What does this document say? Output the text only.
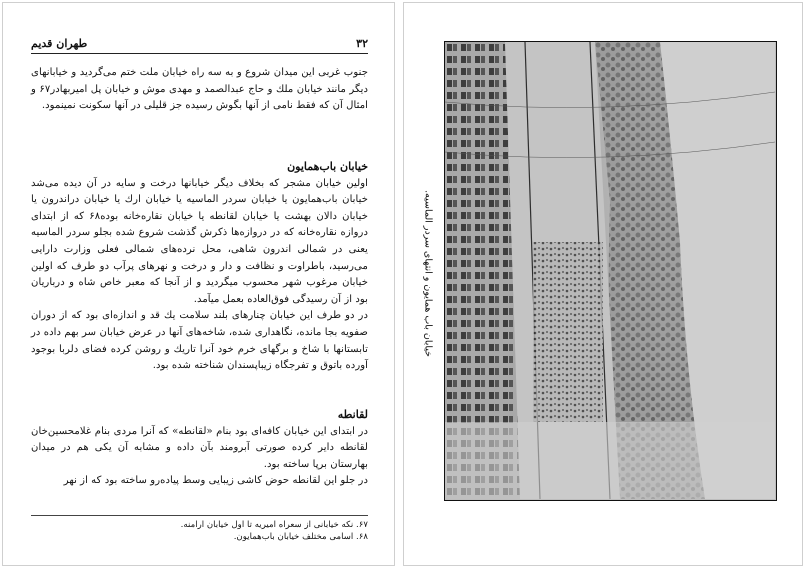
۳۲
طهران قدیم

جنوب غربی این میدان شروع و به سه راه خیابان ملت ختم می‌گردید و خیابانهای دیگر مانند خیابان ملك و حاج عبدالصمد و مهدی موش و خیابان پل امیربهادر۶۷ و امثال آن که فقط نامی از آنها بگوش رسیده جز قلیلی در آنها سکونت نمینمود.

خیابان باب‌همایون

اولین خیابان مشجر که بخلاف دیگر خیابانها درخت و سایه در آن دیده می‌شد خیابان باب‌همایون یا خیابان سردر الماسیه یا خیابان ارك یا خیابان دراندرون یا خیابان دالان بهشت یا خیابان لقانطه یا خیابان نقاره‌خانه بوده۶۸ که از ابتدای دروازه نقاره‌خانه که در دروازه‌ها ذکرش گذشت شروع شده بجلو سردر الماسیه یعنی در شمالی اندرون شاهی، محل نرده‌های شمالی فعلی وزارت دارایی می‌رسید، باطراوت و نظافت و دار و درخت و نهرهای پرآب دو طرف که اولین خیابان مرغوب شهر محسوب میگردید و از آنجا که معبر خاص شاه و درباریان بود از آن رسیدگی فوق‌العاده بعمل میآمد.

در دو طرف این خیابان چنارهای بلند سلامت یك قد و اندازه‌ای بود که از دوران صفویه بجا مانده، نگاهداری شده، شاخه‌های آنها در عرض خیابان سر بهم داده در تابستانها با شاخ و برگهای خرم خود آنرا تاریك و روشن کرده فضای دلربا بوجود آورده باتوق و تفرجگاه زیباپسندان شناخته شده بود.

لقانطه

در ابتدای این خیابان کافه‌ای بود بنام «لقانطه» که آنرا مردی بنام غلامحسین‌خان لقانطه دایر کرده صورتی آبرومند بآن داده و مشابه آن یکی هم در میدان بهارستان برپا ساخته بود.

در جلو این لقانطه حوض کاشی زیبایی وسط پیاده‌رو ساخته بود که از نهر

۶۷. نکه خیابانی از سعراه امیریه تا اول خیابان ارامنه.

۶۸. اسامی مختلف خیابان باب‌همایون.

خیابان باب همایون و انتهای سردر الماسیه.
